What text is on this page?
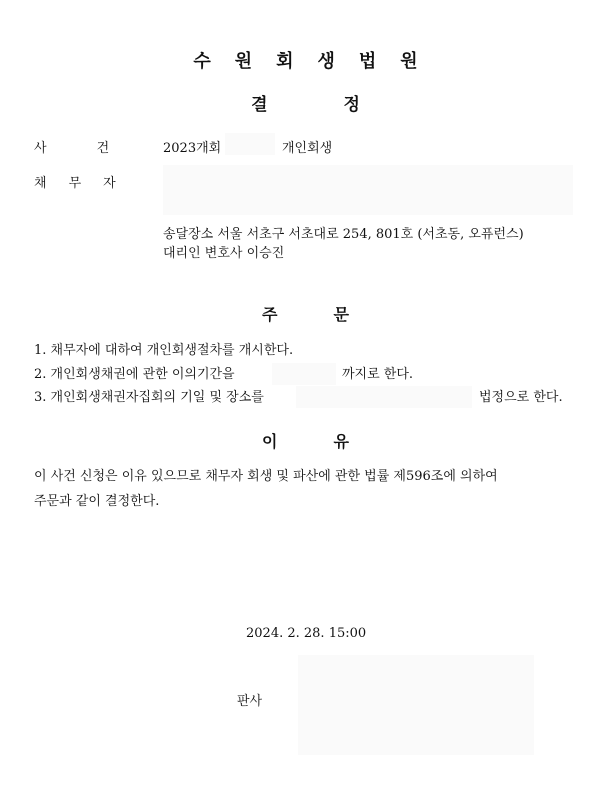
수 원 회 생 법 원
결	정
사	건	2023개회	개인회생
채 무 자
송달장소 서울 서초구 서초대로 254, 801호 (서초동, 오퓨런스)
대리인 변호사 이승진
주	문
1. 채무자에 대하여 개인회생절차를 개시한다.
2. 개인회생채권에 관한 이의기간을	까지로 한다.
3. 개인회생채권자집회의 기일 및 장소를	법정으로 한다.
이	유
이 사건 신청은 이유 있으므로 채무자 회생 및 파산에 관한 법률 제596조에 의하여
주문과 같이 결정한다.
2024. 2. 28. 15:00
판사
